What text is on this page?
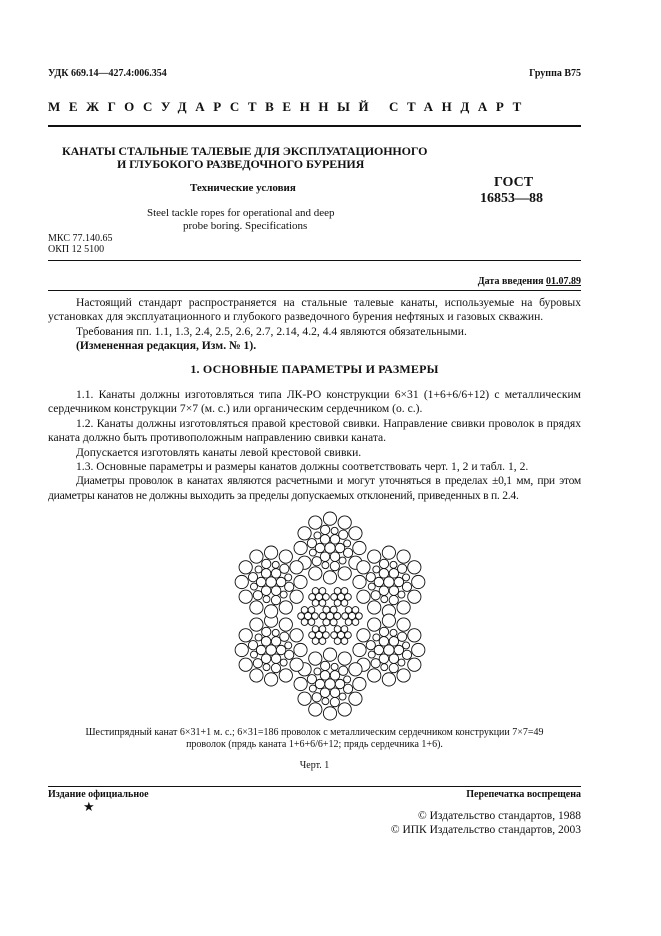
УДК 669.14—427.4:006.354	Группа В75
МЕЖГОСУДАРСТВЕННЫЙ СТАНДАРТ
КАНАТЫ СТАЛЬНЫЕ ТАЛЕВЫЕ ДЛЯ ЭКСПЛУАТАЦИОННОГО
И ГЛУБОКОГО РАЗВЕДОЧНОГО БУРЕНИЯ
Технические условия
Steel tackle ropes for operational and deep
probe boring. Specifications
ГОСТ
16853—88
МКС 77.140.65
ОКП 12 5100
Дата введения 01.07.89
Настоящий стандарт распространяется на стальные талевые канаты, используемые на буровых установках для эксплуатационного и глубокого разведочного бурения нефтяных и газовых скважин.
Требования пп. 1.1, 1.3, 2.4, 2.5, 2.6, 2.7, 2.14, 4.2, 4.4 являются обязательными.
(Измененная редакция, Изм. № 1).
1. ОСНОВНЫЕ ПАРАМЕТРЫ И РАЗМЕРЫ
1.1. Канаты должны изготовляться типа ЛК-РО конструкции 6×31 (1+6+6/6+12) с металлическим сердечником конструкции 7×7 (м. с.) или органическим сердечником (о. с.).
1.2. Канаты должны изготовляться правой крестовой свивки. Направление свивки проволок в прядях каната должно быть противоположным направлению свивки каната.
Допускается изготовлять канаты левой крестовой свивки.
1.3. Основные параметры и размеры канатов должны соответствовать черт. 1, 2 и табл. 1, 2.
Диаметры проволок в канатах являются расчетными и могут уточняться в пределах ±0,1 мм, при этом диаметры канатов не должны выходить за пределы допускаемых отклонений, приведенных в п. 2.4.
Шестипрядный канат 6×31+1 м. с.; 6×31=186 проволок с металлическим сердечником конструкции 7×7=49
проволок (прядь каната 1+6+6/6+12; прядь сердечника 1+6).
Черт. 1
Издание официальное
★
Перепечатка воспрещена
© Издательство стандартов, 1988
© ИПК Издательство стандартов, 2003
